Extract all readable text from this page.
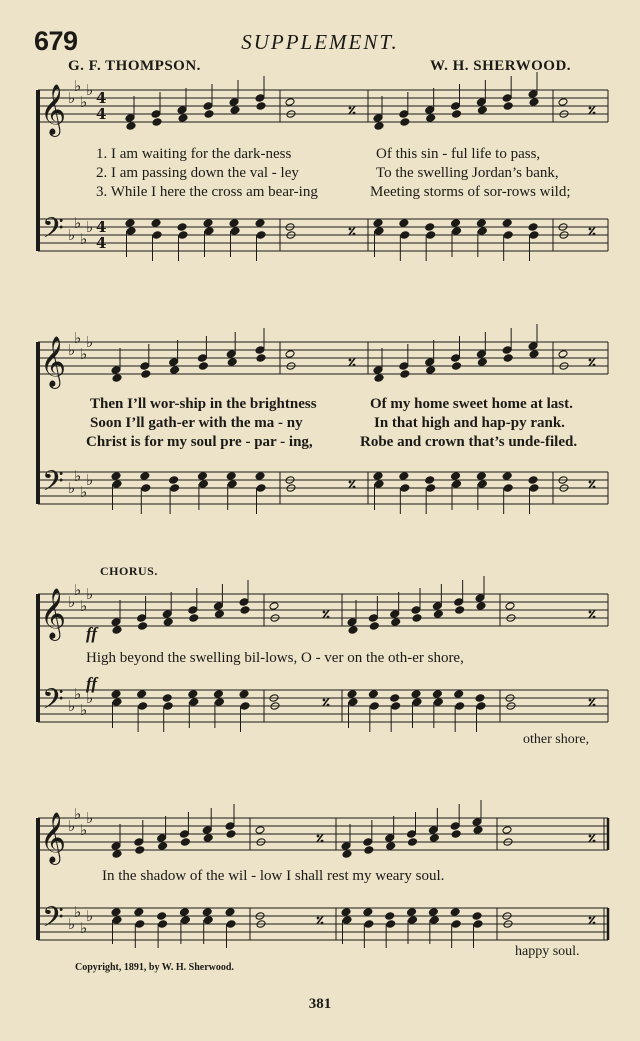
679	SUPPLEMENT.
G. F. THOMPSON.	W. H. SHERWOOD.
𝄞
𝄢
♭
♭
♭
♭
♭
♭
♭
♭
4
4
4
4
𝄞
𝄢
♭
♭
♭
♭
♭
♭
♭
♭
𝄞
𝄢
♭
♭
♭
♭
♭
♭
♭
♭
𝄞
𝄢
♭
♭
♭
♭
♭
♭
♭
♭
1. I am waiting for the dark-ness	Of this sin - ful life to pass,
2. I am passing down the val - ley	To the swelling Jordan’s bank,
3. While I here the cross am bear-ing	Meeting storms of sor-rows wild;
Then I’ll wor-ship in the brightness	Of my home sweet home at last.
Soon I’ll gath-er with the ma - ny	In that high and hap-py rank.
Christ is for my soul pre - par - ing,	Robe and crown that’s unde-filed.
CHORUS.
ff
High beyond the swelling bil-lows, O - ver on the oth-er shore,
ff
other shore,
In the shadow of the wil - low I shall rest my weary soul.
happy soul.
Copyright, 1891, by W. H. Sherwood.
381
